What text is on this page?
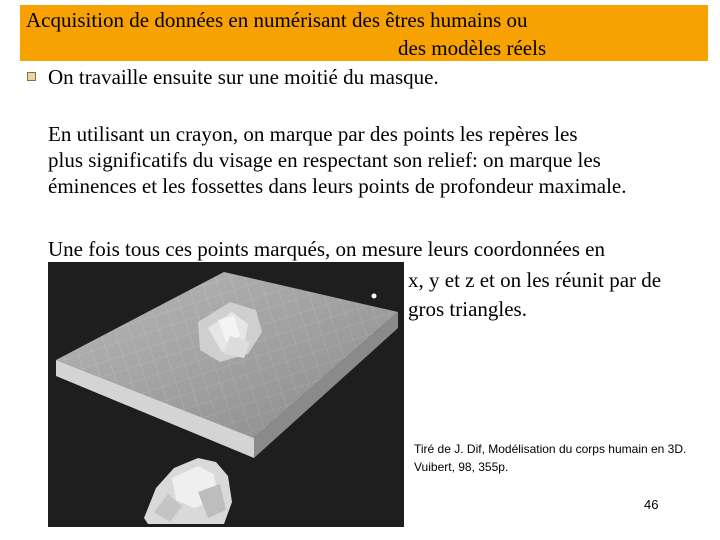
Acquisition de données en numérisant des êtres humains ou
des modèles réels
On travaille ensuite sur une moitié du masque.
En utilisant un crayon, on marque par des points les repères les
plus significatifs du visage en respectant son relief: on marque les
éminences et les fossettes dans leurs points de profondeur maximale.
Une fois tous ces points marqués, on mesure leurs coordonnées en
x, y et z et on les réunit par de
gros triangles.
Tiré de J. Dif, Modélisation du corps humain en 3D.
Vuibert, 98, 355p.
46
